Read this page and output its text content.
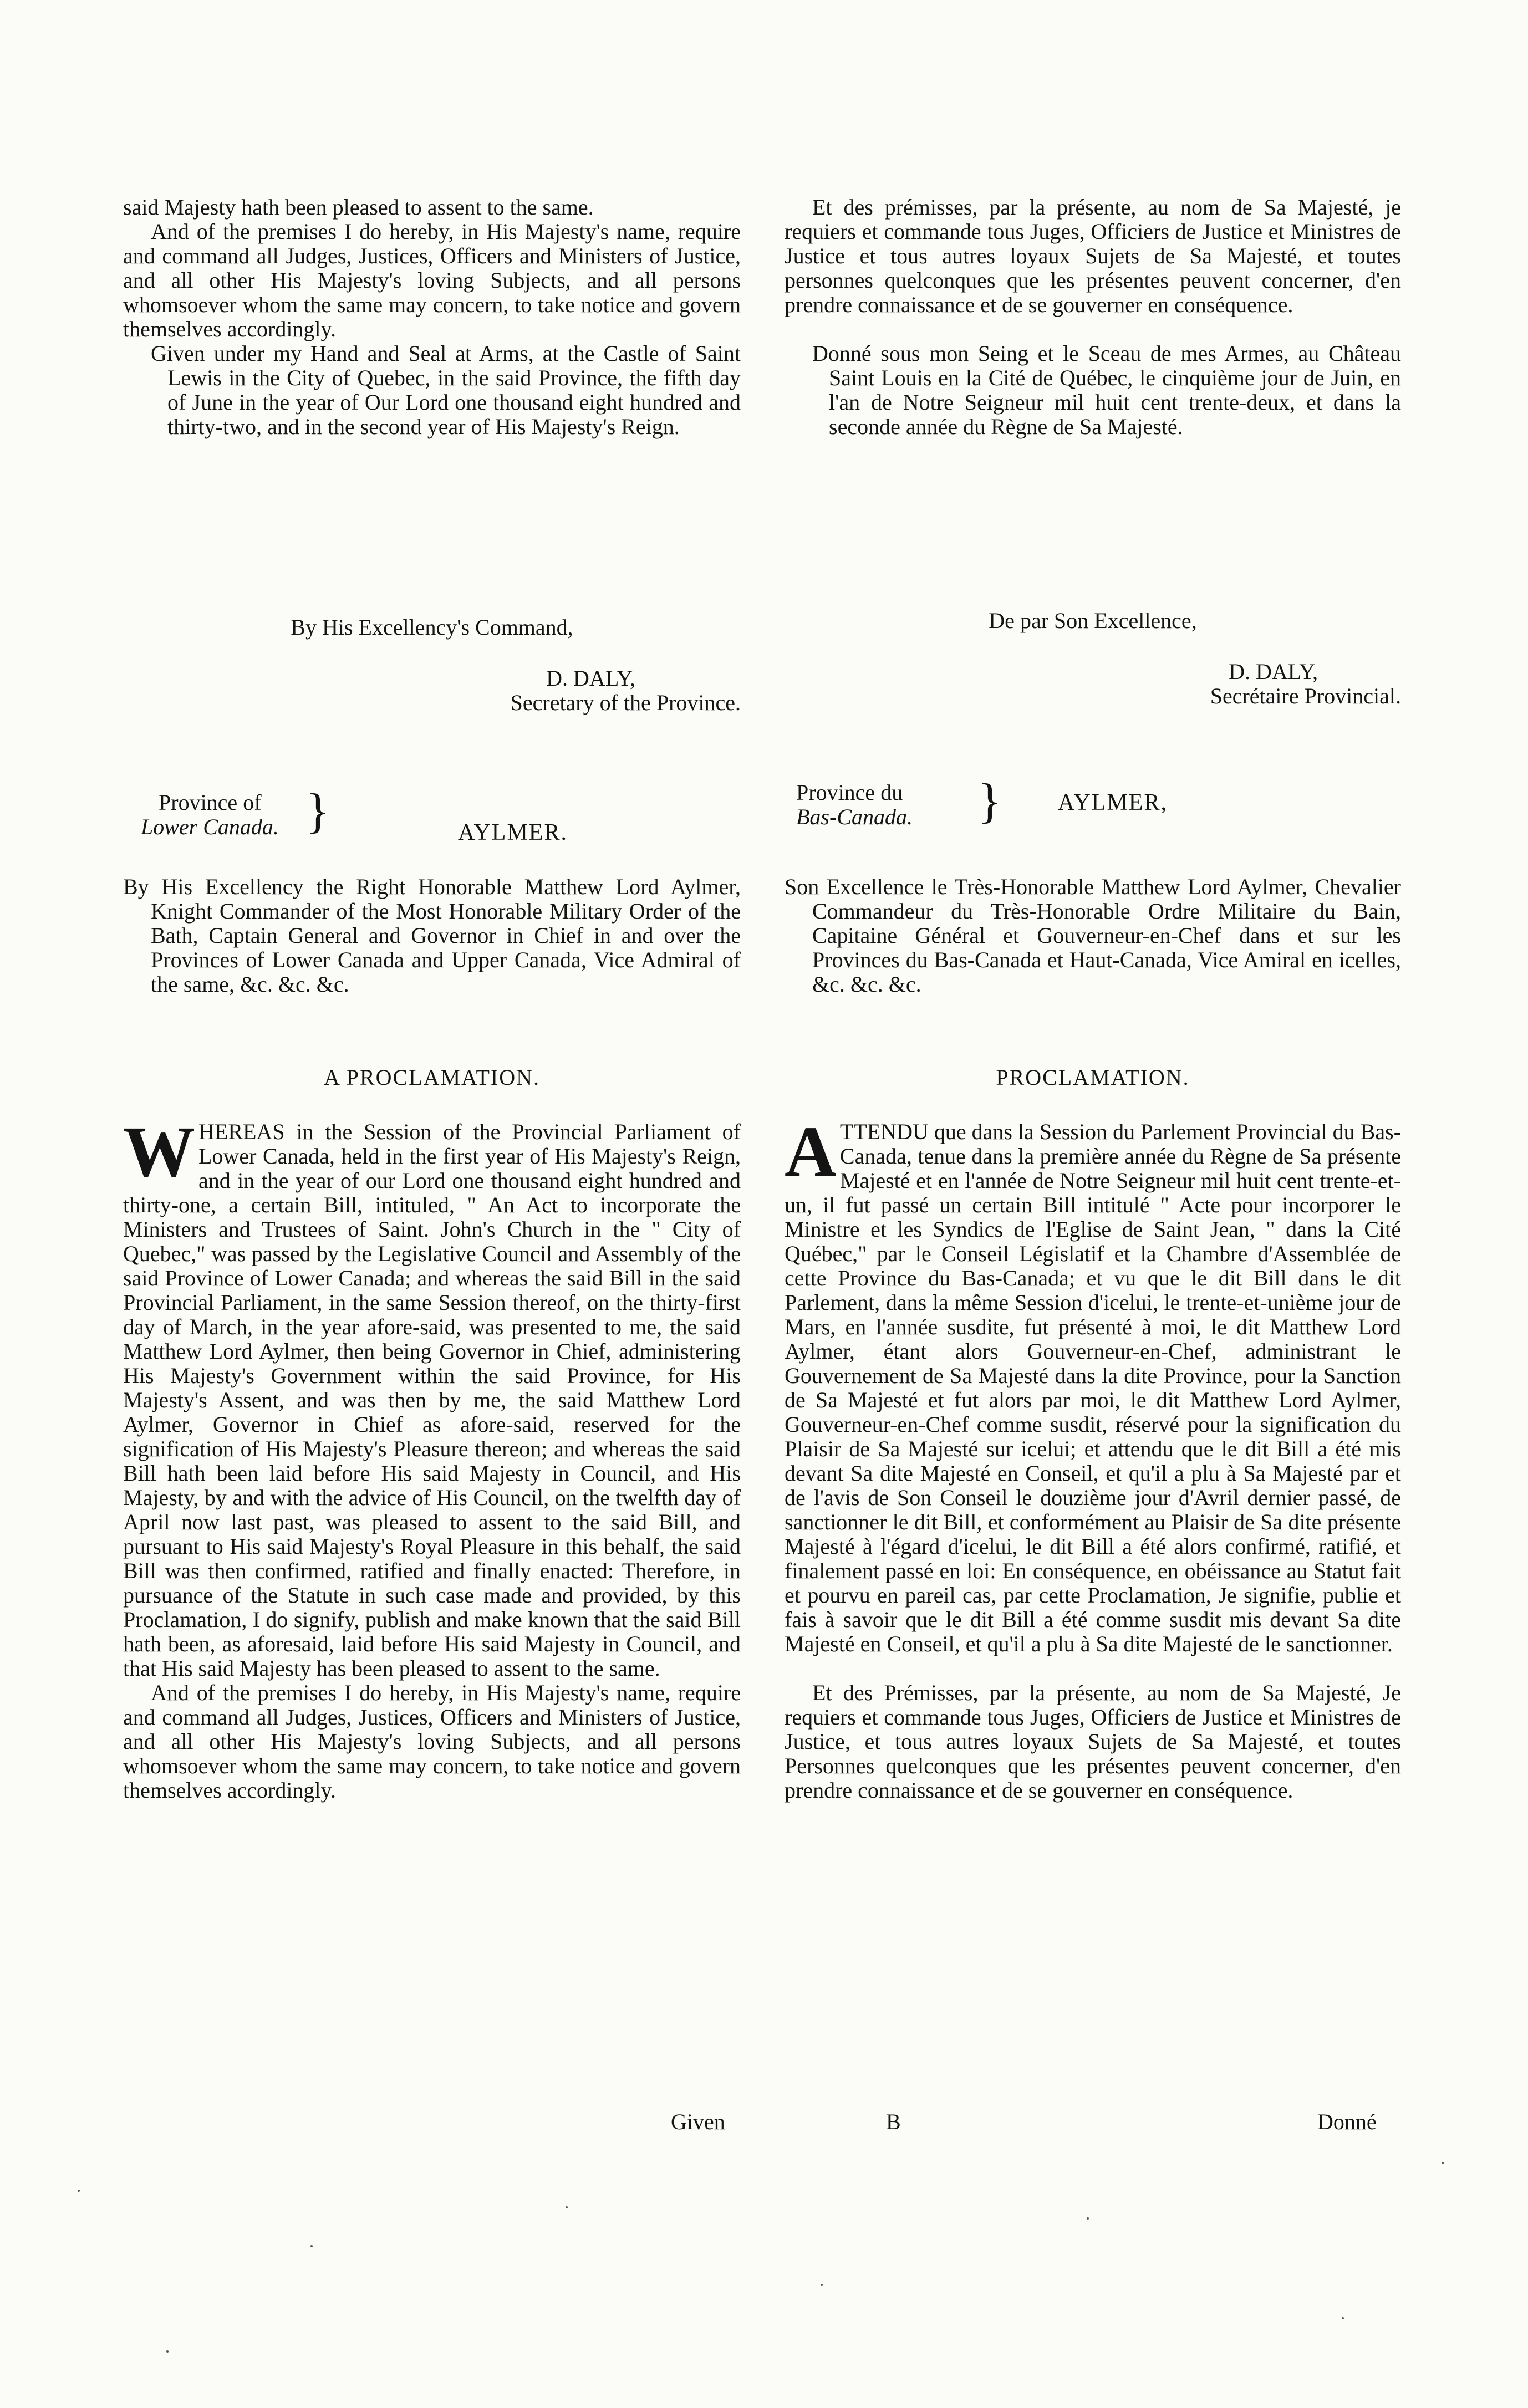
said Majesty hath been pleased to assent to the same.

And of the premises I do hereby, in His Majesty's name, require and command all Judges, Justices, Officers and Ministers of Justice, and all other His Majesty's loving Subjects, and all persons whomsoever whom the same may concern, to take notice and govern themselves accordingly.

Given under my Hand and Seal at Arms, at the Castle of Saint Lewis in the City of Quebec, in the said Province, the fifth day of June in the year of Our Lord one thousand eight hundred and thirty-two, and in the second year of His Majesty's Reign.

By His Excellency's Command,
D. DALY,
Secretary of the Province.
Province of
Lower Canada. }	AYLMER.

By His Excellency the Right Honorable Matthew Lord Aylmer, Knight Commander of the Most Honorable Military Order of the Bath, Captain General and Governor in Chief in and over the Provinces of Lower Canada and Upper Canada, Vice Admiral of the same, &c. &c. &c.

A PROCLAMATION.
W HEREAS in the Session of the Provincial Parliament of Lower Canada, held in the first year of His Majesty's Reign, and in the year of our Lord one thousand eight hundred and thirty-one, a certain Bill, intituled, " An Act to incorporate the Ministers and Trustees of Saint. John's Church in the " City of Quebec," was passed by the Legislative Council and Assembly of the said Province of Lower Canada; and whereas the said Bill in the said Provincial Parliament, in the same Session thereof, on the thirty-first day of March, in the year afore-said, was presented to me, the said Matthew Lord Aylmer, then being Governor in Chief, administering His Majesty's Government within the said Province, for His Majesty's Assent, and was then by me, the said Matthew Lord Aylmer, Governor in Chief as afore-said, reserved for the signification of His Majesty's Pleasure thereon; and whereas the said Bill hath been laid before His said Majesty in Council, and His Majesty, by and with the advice of His Council, on the twelfth day of April now last past, was pleased to assent to the said Bill, and pursuant to His said Majesty's Royal Pleasure in this behalf, the said Bill was then confirmed, ratified and finally enacted: Therefore, in pursuance of the Statute in such case made and provided, by this Proclamation, I do signify, publish and make known that the said Bill hath been, as aforesaid, laid before His said Majesty in Council, and that His said Majesty has been pleased to assent to the same.

And of the premises I do hereby, in His Majesty's name, require and command all Judges, Justices, Officers and Ministers of Justice, and all other His Majesty's loving Subjects, and all persons whomsoever whom the same may concern, to take notice and govern themselves accordingly.

Given

Et des prémisses, par la présente, au nom de Sa Majesté, je requiers et commande tous Juges, Officiers de Justice et Ministres de Justice et tous autres loyaux Sujets de Sa Majesté, et toutes personnes quelconques que les présentes peuvent concerner, d'en prendre connaissance et de se gouverner en conséquence.

Donné sous mon Seing et le Sceau de mes Armes, au Château Saint Louis en la Cité de Québec, le cinquième jour de Juin, en l'an de Notre Seigneur mil huit cent trente-deux, et dans la seconde année du Règne de Sa Majesté.

De par Son Excellence,
D. DALY,
Secrétaire Provincial.
Province du
Bas-Canada. } AYLMER,

Son Excellence le Très-Honorable Matthew Lord Aylmer, Chevalier Commandeur du Très-Honorable Ordre Militaire du Bain, Capitaine Général et Gouverneur-en-Chef dans et sur les Provinces du Bas-Canada et Haut-Canada, Vice Amiral en icelles, &c. &c. &c.

PROCLAMATION.
A TTENDU que dans la Session du Parlement Provincial du Bas-Canada, tenue dans la première année du Règne de Sa présente Majesté et en l'année de Notre Seigneur mil huit cent trente-et-un, il fut passé un certain Bill intitulé " Acte pour incorporer le Ministre et les Syndics de l'Eglise de Saint Jean, " dans la Cité Québec," par le Conseil Législatif et la Chambre d'Assemblée de cette Province du Bas-Canada; et vu que le dit Bill dans le dit Parlement, dans la même Session d'icelui, le trente-et-unième jour de Mars, en l'année susdite, fut présenté à moi, le dit Matthew Lord Aylmer, étant alors Gouverneur-en-Chef, administrant le Gouvernement de Sa Majesté dans la dite Province, pour la Sanction de Sa Majesté et fut alors par moi, le dit Matthew Lord Aylmer, Gouverneur-en-Chef comme susdit, réservé pour la signification du Plaisir de Sa Majesté sur icelui; et attendu que le dit Bill a été mis devant Sa dite Majesté en Conseil, et qu'il a plu à Sa Majesté par et de l'avis de Son Conseil le douzième jour d'Avril dernier passé, de sanctionner le dit Bill, et conformément au Plaisir de Sa dite présente Majesté à l'égard d'icelui, le dit Bill a été alors confirmé, ratifié, et finalement passé en loi: En conséquence, en obéissance au Statut fait et pourvu en pareil cas, par cette Proclamation, Je signifie, publie et fais à savoir que le dit Bill a été comme susdit mis devant Sa dite Majesté en Conseil, et qu'il a plu à Sa dite Majesté de le sanctionner.

Et des Prémisses, par la présente, au nom de Sa Majesté, Je requiers et commande tous Juges, Officiers de Justice et Ministres de Justice, et tous autres loyaux Sujets de Sa Majesté, et toutes Personnes quelconques que les présentes peuvent concerner, d'en prendre connaissance et de se gouverner en conséquence.

B	Donné
